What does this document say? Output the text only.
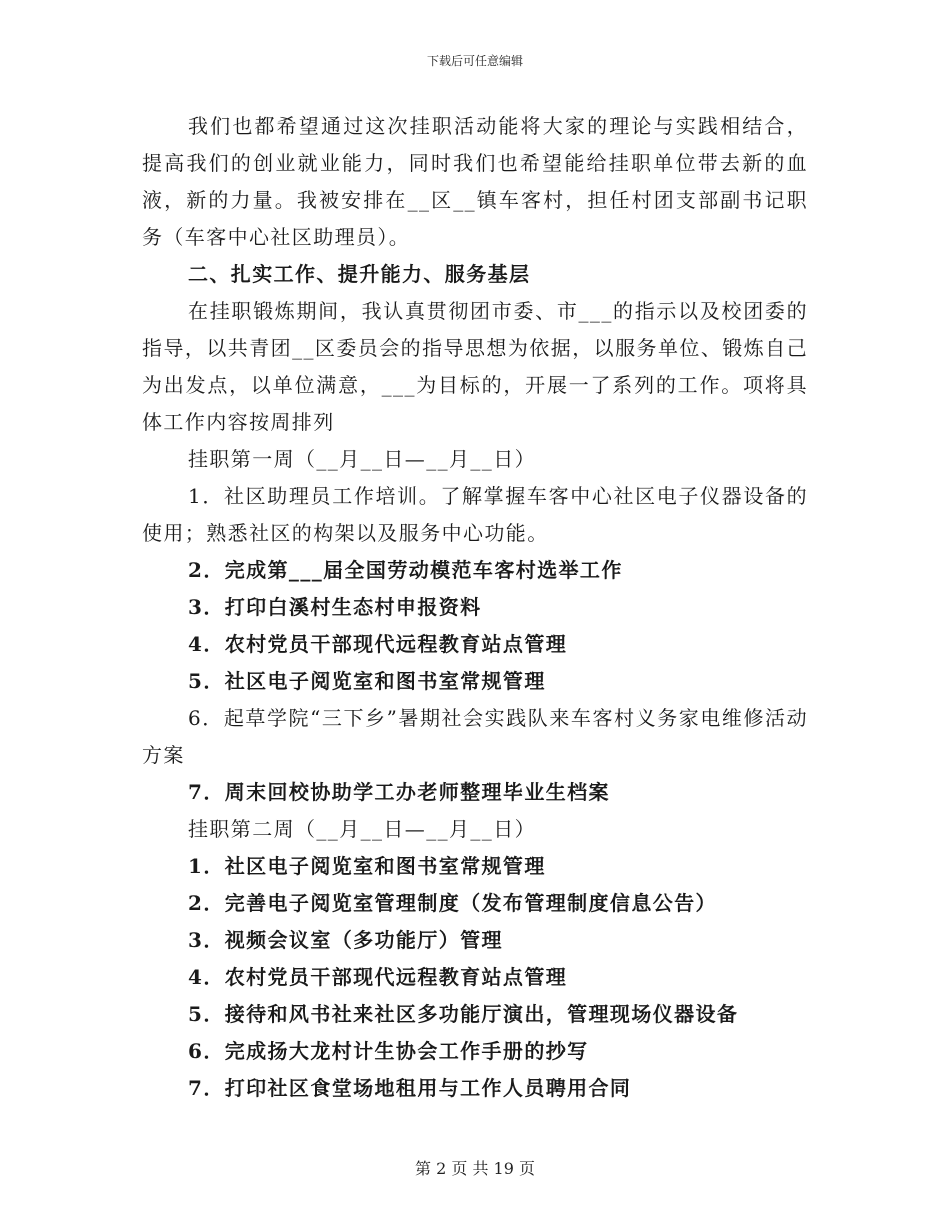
下载后可任意编辑

我们也都希望通过这次挂职活动能将大家的理论与实践相结合，提高我们的创业就业能力，同时我们也希望能给挂职单位带去新的血液，新的力量。我被安排在__区__镇车客村，担任村团支部副书记职务（车客中心社区助理员）。

二、扎实工作、提升能力、服务基层

在挂职锻炼期间，我认真贯彻团市委、市___的指示以及校团委的指导，以共青团__区委员会的指导思想为依据，以服务单位、锻炼自己为出发点，以单位满意，___为目标的，开展一了系列的工作。项将具体工作内容按周排列

挂职第一周（__月__日—__月__日）

1．社区助理员工作培训。了解掌握车客中心社区电子仪器设备的使用；熟悉社区的构架以及服务中心功能。

2．完成第___届全国劳动模范车客村选举工作
3．打印白溪村生态村申报资料
4．农村党员干部现代远程教育站点管理
5．社区电子阅览室和图书室常规管理

6．起草学院“三下乡”暑期社会实践队来车客村义务家电维修活动方案

7．周末回校协助学工办老师整理毕业生档案
挂职第二周（__月__日—__月__日）
1．社区电子阅览室和图书室常规管理
2．完善电子阅览室管理制度（发布管理制度信息公告）
3．视频会议室（多功能厅）管理
4．农村党员干部现代远程教育站点管理
5．接待和风书社来社区多功能厅演出，管理现场仪器设备
6．完成扬大龙村计生协会工作手册的抄写
7．打印社区食堂场地租用与工作人员聘用合同
第 2 页 共 19 页
